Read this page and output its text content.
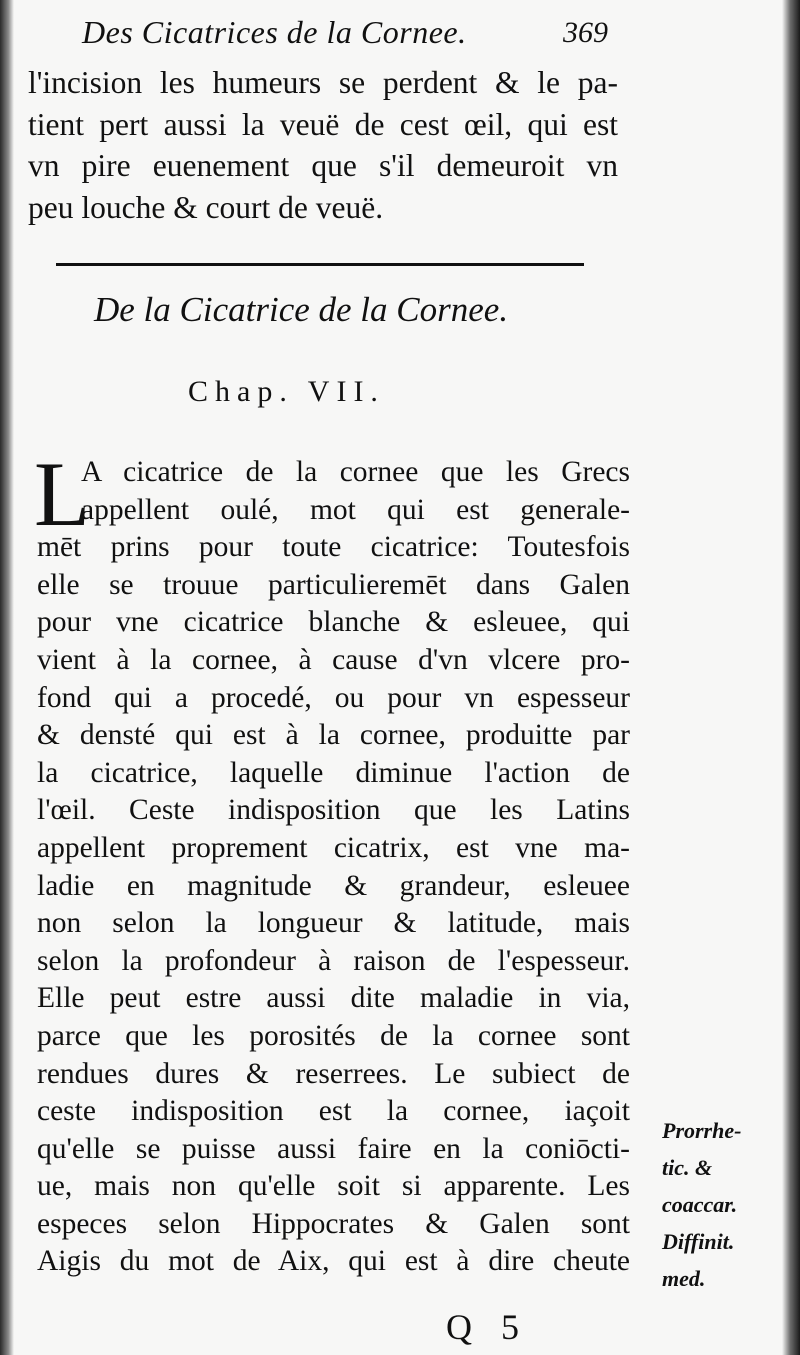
Des Cicatrices de la Cornee.	369
l'incision les humeurs se perdent & le pa-
tient pert aussi la veuë de cest œil, qui est
vn pire euenement que s'il demeuroit vn
peu louche & court de veuë.
De la Cicatrice de la Cornee.
Chap. VII.
L
A cicatrice de la cornee que les Grecs
appellent oulé, mot qui est generale-
mēt prins pour toute cicatrice: Toutesfois
elle se trouue particulieremēt dans Galen
pour vne cicatrice blanche & esleuee, qui
vient à la cornee, à cause d'vn vlcere pro-
fond qui a procedé, ou pour vn espesseur
& densté qui est à la cornee, produitte par
la cicatrice, laquelle diminue l'action de
l'œil. Ceste indisposition que les Latins
appellent proprement cicatrix, est vne ma-
ladie en magnitude & grandeur, esleuee
non selon la longueur & latitude, mais
selon la profondeur à raison de l'espesseur.
Elle peut estre aussi dite maladie in via,
parce que les porosités de la cornee sont
rendues dures & reserrees. Le subiect de
ceste indisposition est la cornee, iaçoit
qu'elle se puisse aussi faire en la coniōcti-
ue, mais non qu'elle soit si apparente. Les
especes selon Hippocrates & Galen sont
Aigis du mot de Aix, qui est à dire cheute
Prorrhe-
tic. &
coaccar.
Diffinit.
med.
Q 5
